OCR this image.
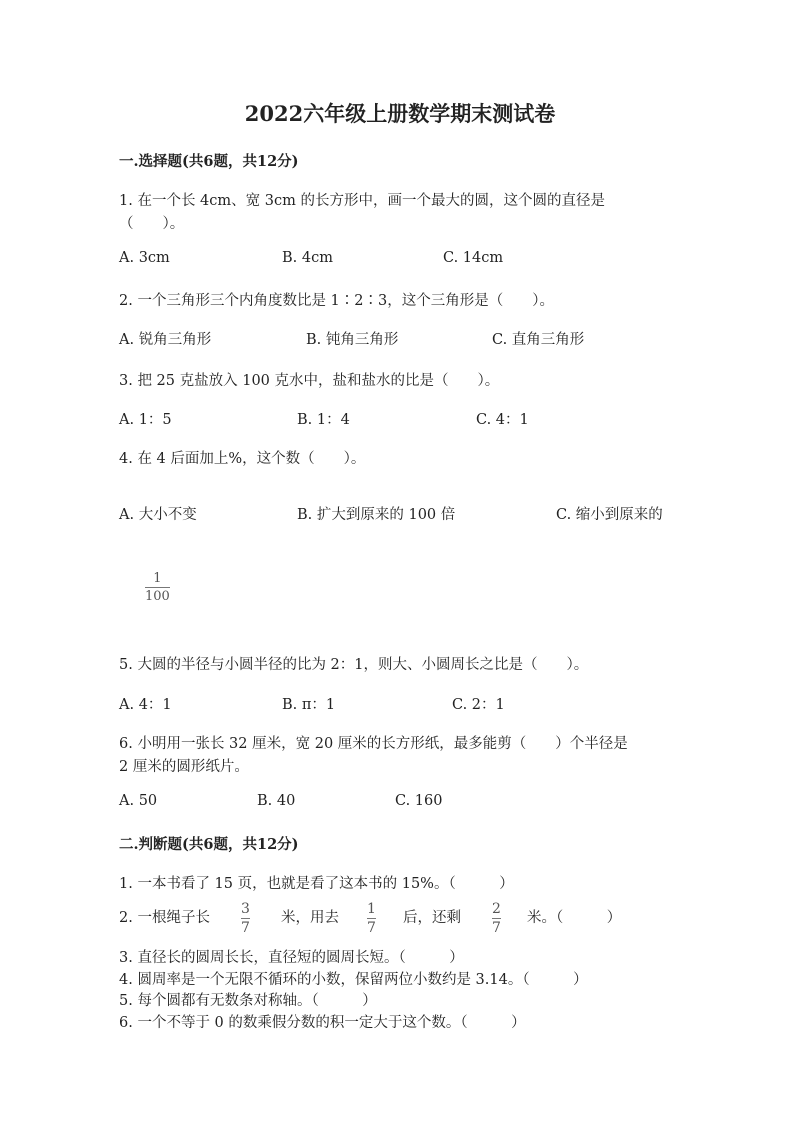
2022六年级上册数学期末测试卷
一.选择题(共6题，共12分)
1. 在一个长 4cm、宽 3cm 的长方形中，画一个最大的圆，这个圆的直径是
（　　）。
A. 3cm	B. 4cm	C. 14cm
2. 一个三角形三个内角度数比是 1∶2∶3，这个三角形是（　　）。
A. 锐角三角形	B. 钝角三角形	C. 直角三角形
3. 把 25 克盐放入 100 克水中，盐和盐水的比是（　　）。
A. 1：5	B. 1：4	C. 4：1
4. 在 4 后面加上%，这个数（　　）。
A. 大小不变	B. 扩大到原来的 100 倍	C. 缩小到原来的
$\frac{1}{100}$
5. 大圆的半径与小圆半径的比为 2：1，则大、小圆周长之比是（　　）。
A. 4：1	B. π：1	C. 2：1
6. 小明用一张长 32 厘米，宽 20 厘米的长方形纸，最多能剪（　　）个半径是
2 厘米的圆形纸片。
A. 50	B. 40	C. 160
二.判断题(共6题，共12分)
1. 一本书看了 15 页，也就是看了这本书的 15%。（　　　）
2. 一根绳子长 $\frac{3}{7}$ 米，用去 $\frac{1}{7}$ 后，还剩 $\frac{2}{7}$ 米。（　　　）
3. 直径长的圆周长长，直径短的圆周长短。（　　　）
4. 圆周率是一个无限不循环的小数，保留两位小数约是 3.14。（　　　）
5. 每个圆都有无数条对称轴。（　　　）
6. 一个不等于 0 的数乘假分数的积一定大于这个数。（　　　）
